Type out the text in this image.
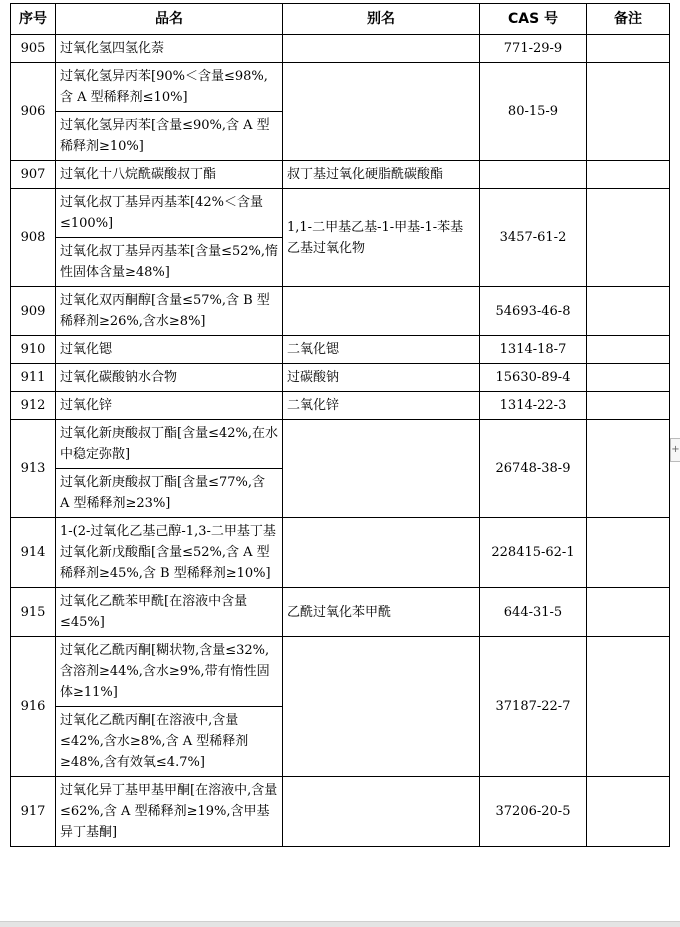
序号	品名	别名	CAS 号	备注
905	过氧化氢四氢化萘		771-29-9	
906	过氧化氢异丙苯[90%＜含量≤98%,含 A 型稀释剂≤10%]		80-15-9	
	过氧化氢异丙苯[含量≤90%,含 A 型稀释剂≥10%]			
907	过氧化十八烷酰碳酸叔丁酯	叔丁基过氧化硬脂酰碳酸酯		
908	过氧化叔丁基异丙基苯[42%＜含量≤100%]	1,1-二甲基乙基-1-甲基-1-苯基乙基过氧化物	3457-61-2	
	过氧化叔丁基异丙基苯[含量≤52%,惰性固体含量≥48%]			
909	过氧化双丙酮醇[含量≤57%,含 B 型稀释剂≥26%,含水≥8%]		54693-46-8	
910	过氧化锶	二氧化锶	1314-18-7	
911	过氧化碳酸钠水合物	过碳酸钠	15630-89-4	
912	过氧化锌	二氧化锌	1314-22-3	
913	过氧化新庚酸叔丁酯[含量≤42%,在水中稳定弥散]		26748-38-9	
	过氧化新庚酸叔丁酯[含量≤77%,含 A 型稀释剂≥23%]			
914	1-(2-过氧化乙基己醇-1,3-二甲基丁基过氧化新戊酸酯[含量≤52%,含 A 型稀释剂≥45%,含 B 型稀释剂≥10%]		228415-62-1	
915	过氧化乙酰苯甲酰[在溶液中含量≤45%]	乙酰过氧化苯甲酰	644-31-5	
916	过氧化乙酰丙酮[糊状物,含量≤32%,含溶剂≥44%,含水≥9%,带有惰性固体≥11%]		37187-22-7	
	过氧化乙酰丙酮[在溶液中,含量≤42%,含水≥8%,含 A 型稀释剂≥48%,含有效氧≤4.7%]			
917	过氧化异丁基甲基甲酮[在溶液中,含量≤62%,含 A 型稀释剂≥19%,含甲基异丁基酮]		37206-20-5	
+
